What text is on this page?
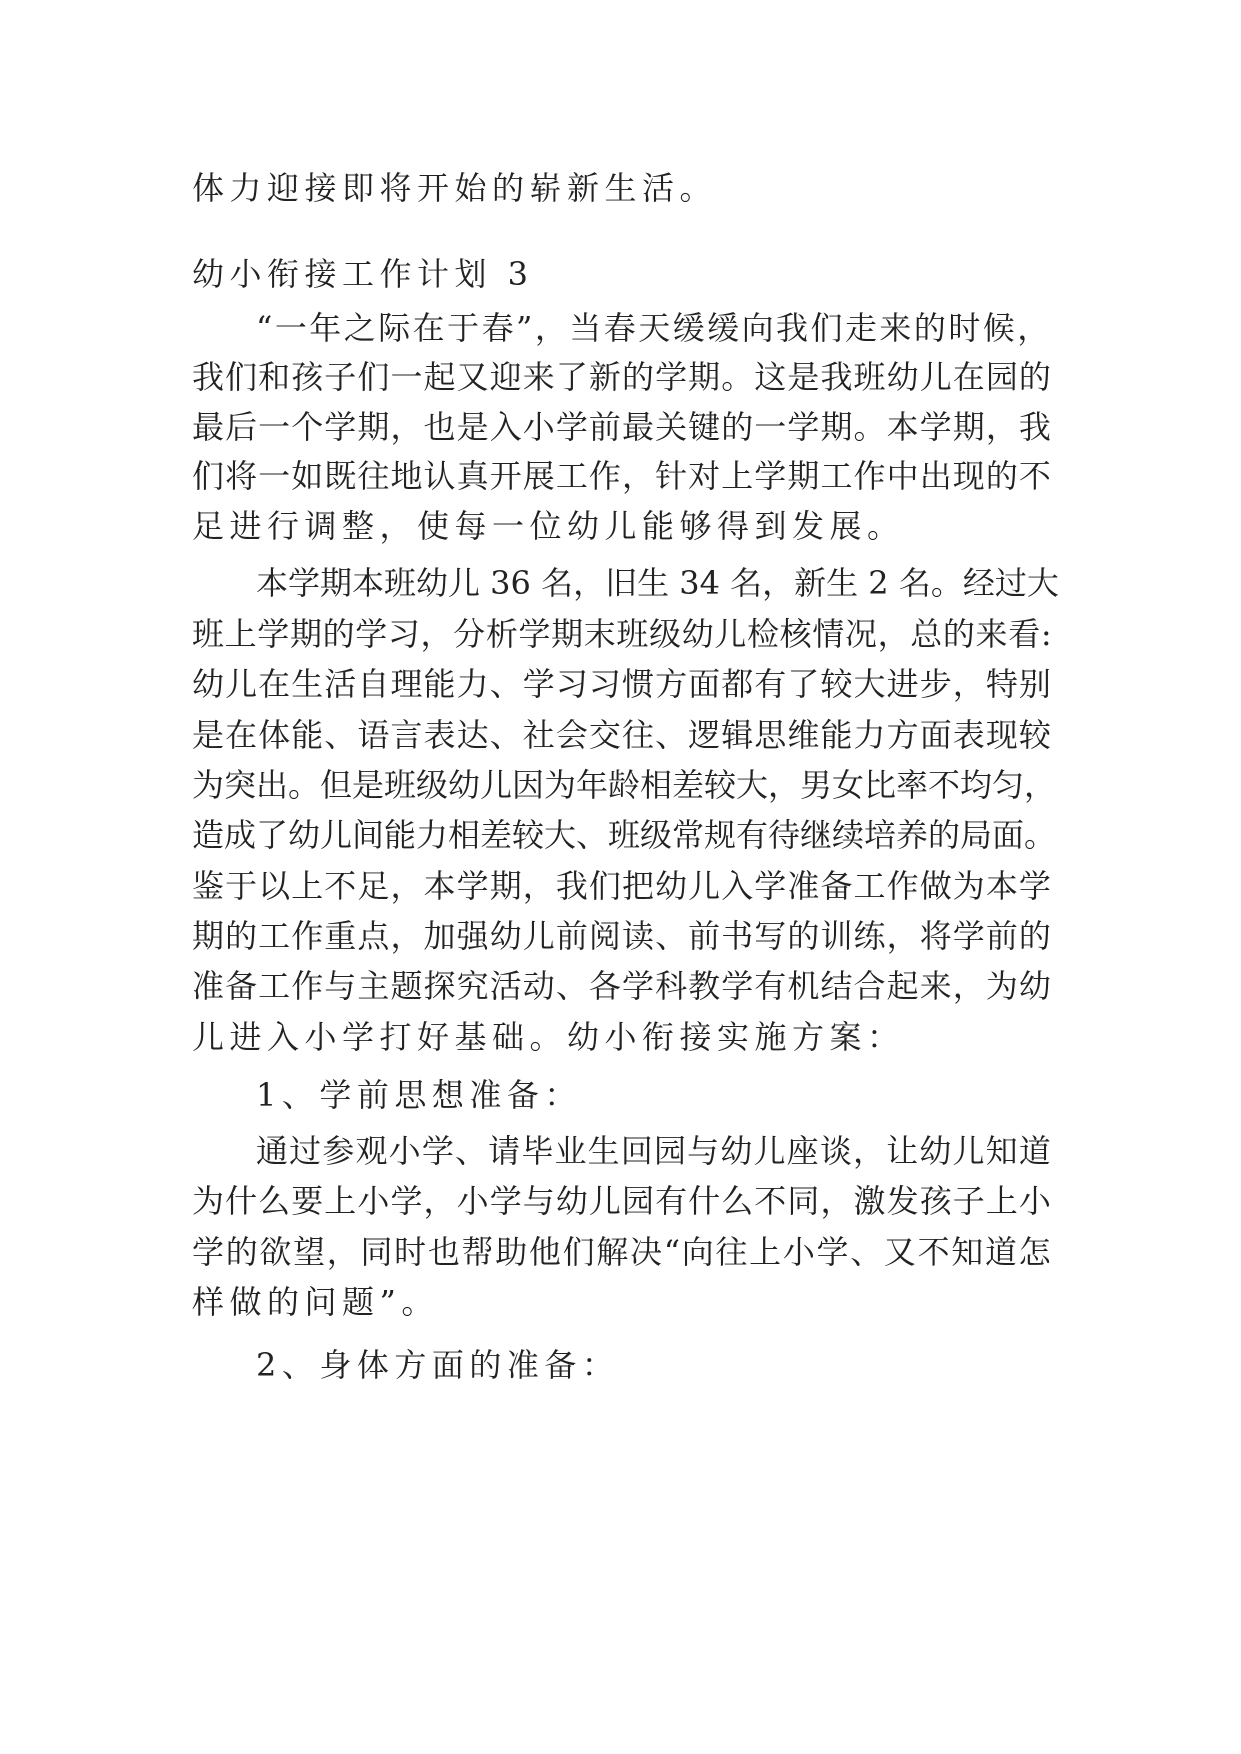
体力迎接即将开始的崭新生活。
幼小衔接工作计划 3
“一年之际在于春”，当春天缓缓向我们走来的时候，
我们和孩子们一起又迎来了新的学期。这是我班幼儿在园的
最后一个学期，也是入小学前最关键的一学期。本学期，我
们将一如既往地认真开展工作，针对上学期工作中出现的不
足进行调整，使每一位幼儿能够得到发展。
本学期本班幼儿 36 名，旧生 34 名，新生 2 名。经过大
班上学期的学习，分析学期末班级幼儿检核情况，总的来看:
幼儿在生活自理能力、学习习惯方面都有了较大进步，特别
是在体能、语言表达、社会交往、逻辑思维能力方面表现较
为突出。但是班级幼儿因为年龄相差较大，男女比率不均匀，
造成了幼儿间能力相差较大、班级常规有待继续培养的局面。
鉴于以上不足，本学期，我们把幼儿入学准备工作做为本学
期的工作重点，加强幼儿前阅读、前书写的训练，将学前的
准备工作与主题探究活动、各学科教学有机结合起来，为幼
儿进入小学打好基础。幼小衔接实施方案：
1、学前思想准备：
通过参观小学、请毕业生回园与幼儿座谈，让幼儿知道
为什么要上小学，小学与幼儿园有什么不同，激发孩子上小
学的欲望，同时也帮助他们解决“向往上小学、又不知道怎
样做的问题”。
2、身体方面的准备：
